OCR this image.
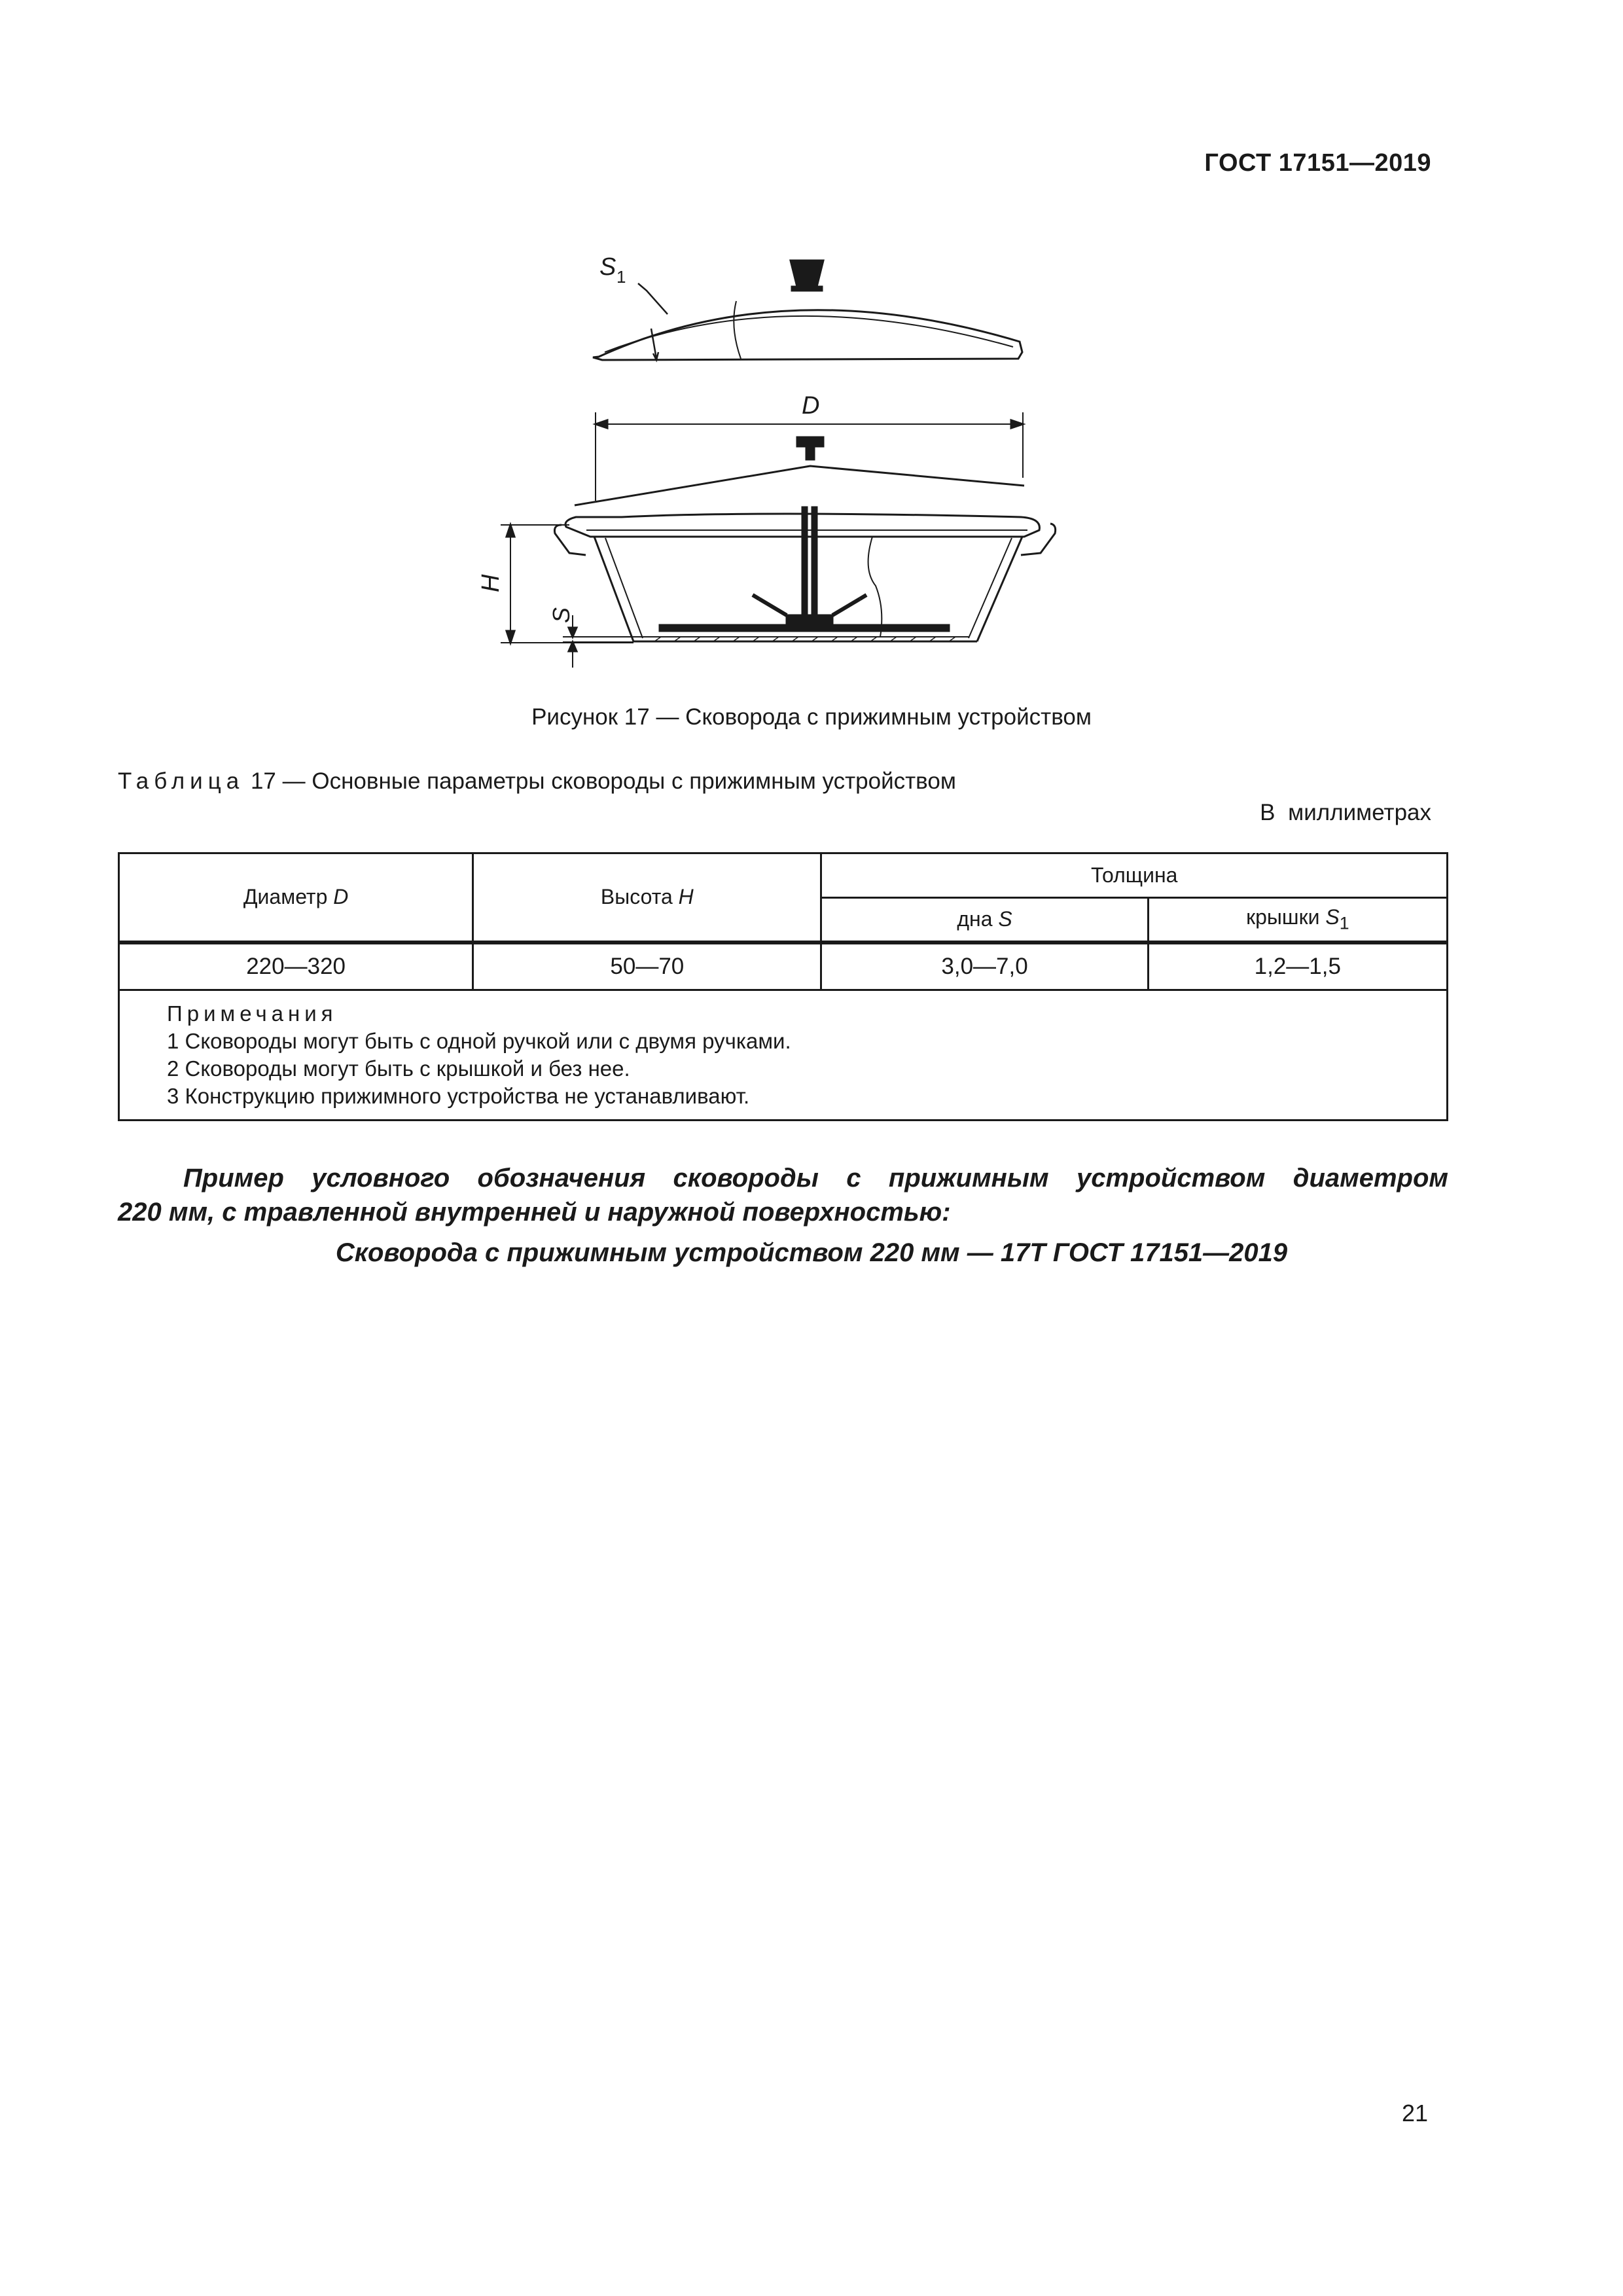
ГОСТ 17151—2019
S 1
D
H
S
Рисунок 17 — Сковорода с прижимным устройством
Таблица 17 — Основные параметры сковороды с прижимным устройством
В миллиметрах
Диаметр D	Высота H	Толщина	
		дна S	крышки $S_1$
220—320	50—70	3,0—7,0	1,2—1,5

Примечания
1 Сковороды могут быть с одной ручкой или с двумя ручками.
2 Сковороды могут быть с крышкой и без нее.
3 Конструкцию прижимного устройства не устанавливают.			
Пример условного обозначения сковороды с прижимным устройством диаметром
220 мм, с травленной внутренней и наружной поверхностью:
Сковорода с прижимным устройством 220 мм — 17Т ГОСТ 17151—2019
21
